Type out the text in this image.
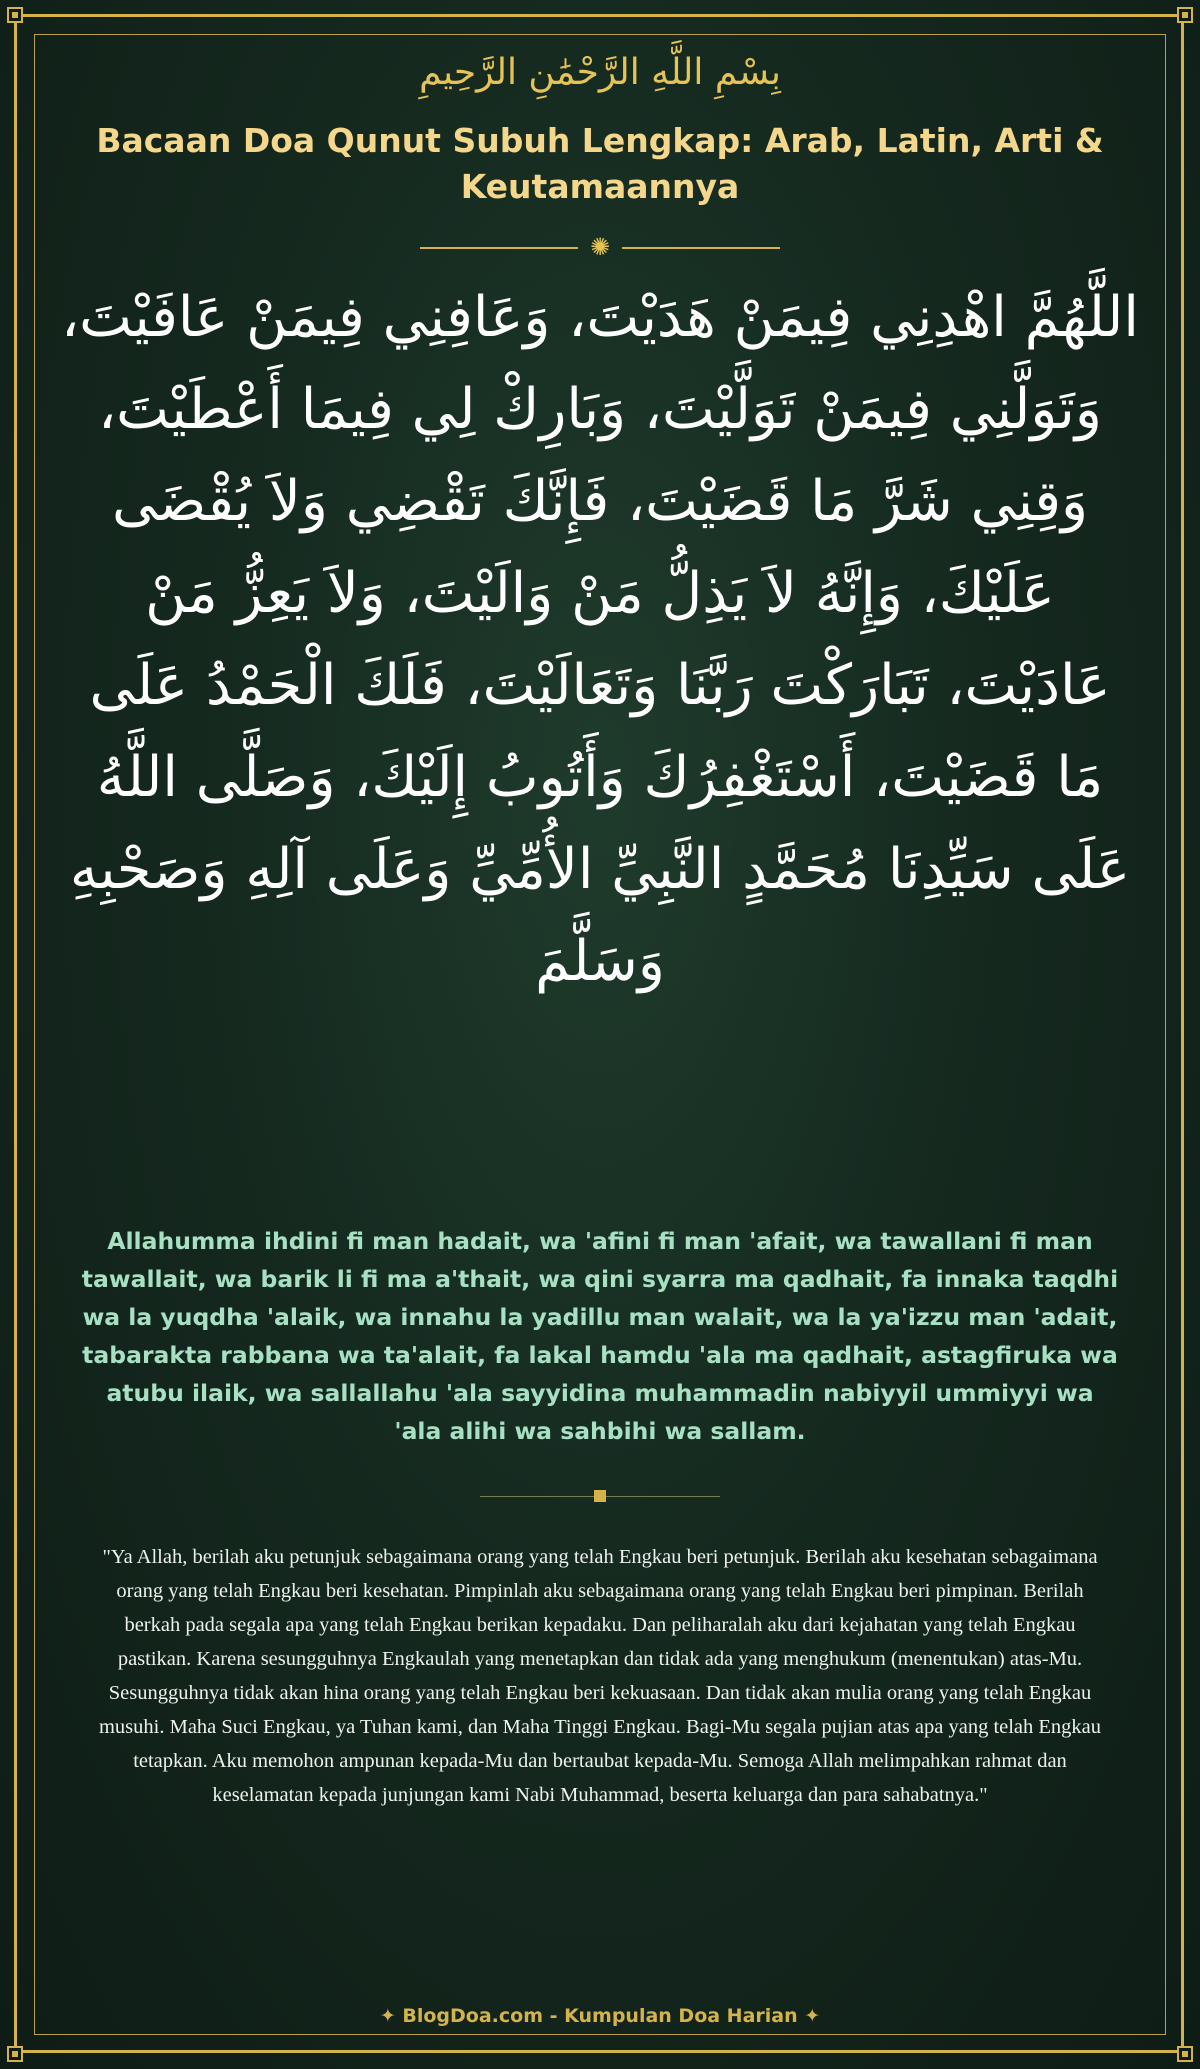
بِسْمِ اللَّهِ الرَّحْمَٰنِ الرَّحِيمِ
Bacaan Doa Qunut Subuh Lengkap: Arab, Latin, Arti & Keutamaannya
✺
اللَّهُمَّ اهْدِنِي فِيمَنْ هَدَيْتَ، وَعَافِنِي فِيمَنْ عَافَيْتَ، وَتَوَلَّنِي فِيمَنْ تَوَلَّيْتَ، وَبَارِكْ لِي فِيمَا أَعْطَيْتَ، وَقِنِي شَرَّ مَا قَضَيْتَ، فَإِنَّكَ تَقْضِي وَلاَ يُقْضَى عَلَيْكَ، وَإِنَّهُ لاَ يَذِلُّ مَنْ وَالَيْتَ، وَلاَ يَعِزُّ مَنْ عَادَيْتَ، تَبَارَكْتَ رَبَّنَا وَتَعَالَيْتَ، فَلَكَ الْحَمْدُ عَلَى مَا قَضَيْتَ، أَسْتَغْفِرُكَ وَأَتُوبُ إِلَيْكَ، وَصَلَّى اللَّهُ عَلَى سَيِّدِنَا مُحَمَّدٍ النَّبِيِّ الأُمِّيِّ وَعَلَى آلِهِ وَصَحْبِهِ وَسَلَّمَ
Allahumma ihdini fi man hadait, wa 'afini fi man 'afait, wa tawallani fi man tawallait, wa barik li fi ma a'thait, wa qini syarra ma qadhait, fa innaka taqdhi wa la yuqdha 'alaik, wa innahu la yadillu man walait, wa la ya'izzu man 'adait, tabarakta rabbana wa ta'alait, fa lakal hamdu 'ala ma qadhait, astagfiruka wa atubu ilaik, wa sallallahu 'ala sayyidina muhammadin nabiyyil ummiyyi wa 'ala alihi wa sahbihi wa sallam.
"Ya Allah, berilah aku petunjuk sebagaimana orang yang telah Engkau beri petunjuk. Berilah aku kesehatan sebagaimana orang yang telah Engkau beri kesehatan. Pimpinlah aku sebagaimana orang yang telah Engkau beri pimpinan. Berilah berkah pada segala apa yang telah Engkau berikan kepadaku. Dan peliharalah aku dari kejahatan yang telah Engkau pastikan. Karena sesungguhnya Engkaulah yang menetapkan dan tidak ada yang menghukum (menentukan) atas-Mu. Sesungguhnya tidak akan hina orang yang telah Engkau beri kekuasaan. Dan tidak akan mulia orang yang telah Engkau musuhi. Maha Suci Engkau, ya Tuhan kami, dan Maha Tinggi Engkau. Bagi-Mu segala pujian atas apa yang telah Engkau tetapkan. Aku memohon ampunan kepada-Mu dan bertaubat kepada-Mu. Semoga Allah melimpahkan rahmat dan keselamatan kepada junjungan kami Nabi Muhammad, beserta keluarga dan para sahabatnya."
✦ BlogDoa.com - Kumpulan Doa Harian ✦
